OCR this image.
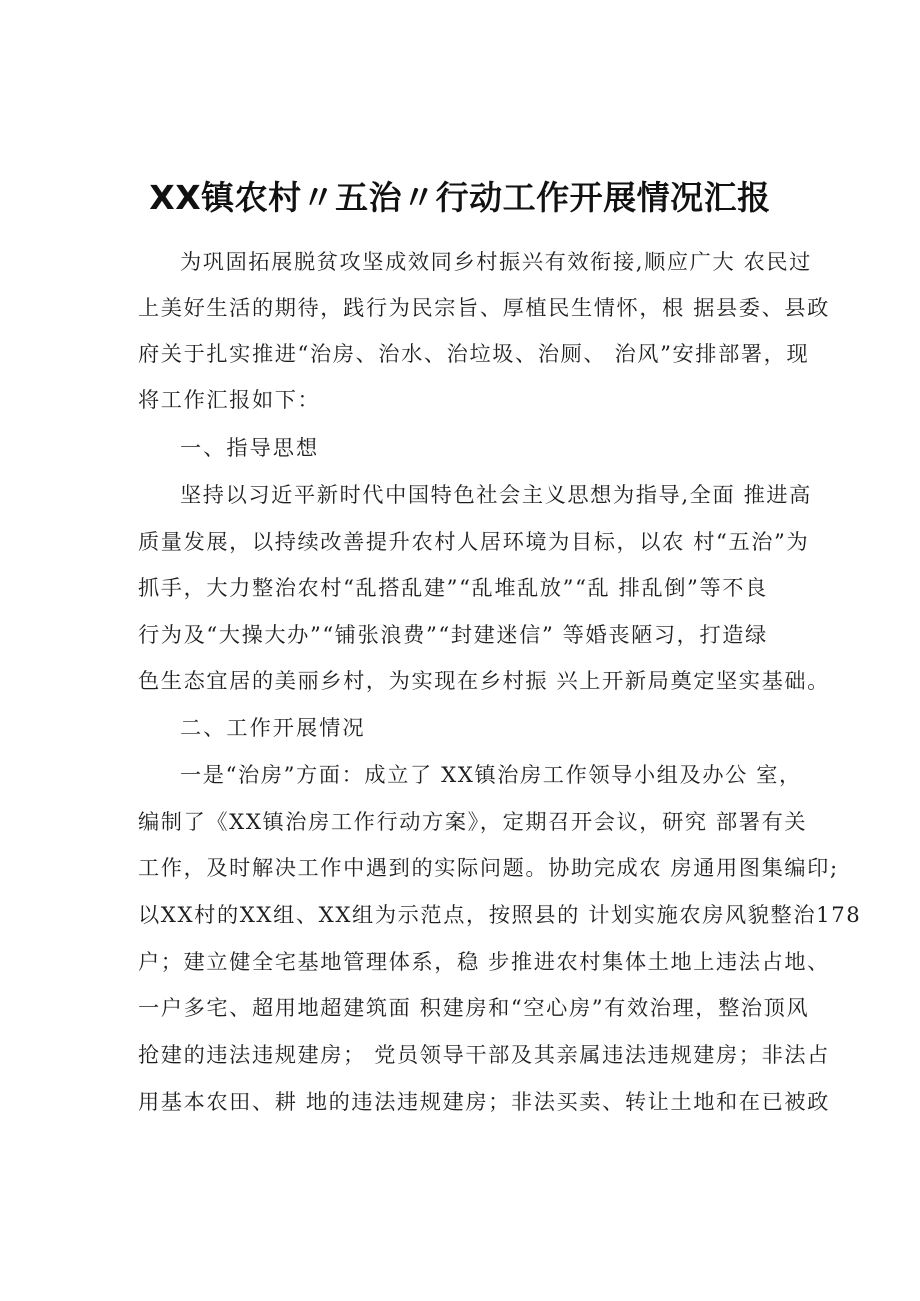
XX镇农村〃五治〃行动工作开展情况汇报
为巩固拓展脱贫攻坚成效同乡村振兴有效衔接,顺应广大 农民过
上美好生活的期待，践行为民宗旨、厚植民生情怀，根 据县委、县政
府关于扎实推进“治房、治水、治垃圾、治厕、 治风”安排部署，现
将工作汇报如下：
一、指导思想
坚持以习近平新时代中国特色社会主义思想为指导,全面 推进高
质量发展，以持续改善提升农村人居环境为目标，以农 村“五治”为
抓手，大力整治农村“乱搭乱建”“乱堆乱放”“乱 排乱倒”等不良
行为及“大操大办”“铺张浪费”“封建迷信” 等婚丧陋习，打造绿
色生态宜居的美丽乡村，为实现在乡村振 兴上开新局奠定坚实基础。
二、工作开展情况
一是“治房”方面：成立了 XX镇治房工作领导小组及办公 室，
编制了《XX镇治房工作行动方案》，定期召开会议，研究 部署有关
工作，及时解决工作中遇到的实际问题。协助完成农 房通用图集编印;
以XX村的XX组、XX组为示范点，按照县的 计划实施农房风貌整治178
户；建立健全宅基地管理体系，稳 步推进农村集体土地上违法占地、
一户多宅、超用地超建筑面 积建房和“空心房”有效治理，整治顶风
抢建的违法违规建房； 党员领导干部及其亲属违法违规建房；非法占
用基本农田、耕 地的违法违规建房；非法买卖、转让土地和在已被政
